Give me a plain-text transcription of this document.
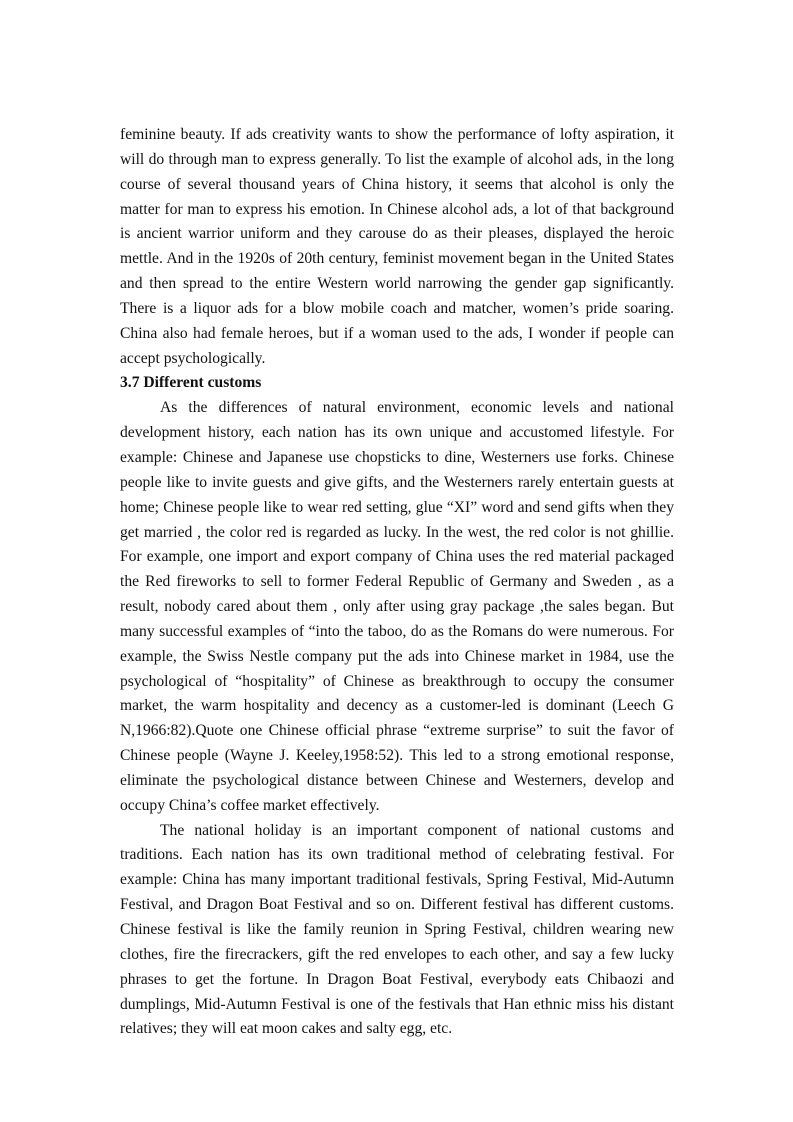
feminine beauty. If ads creativity wants to show the performance of lofty aspiration, it will do through man to express generally. To list the example of alcohol ads, in the long course of several thousand years of China history, it seems that alcohol is only the matter for man to express his emotion. In Chinese alcohol ads, a lot of that background is ancient warrior uniform and they carouse do as their pleases, displayed the heroic mettle. And in the 1920s of 20th century, feminist movement began in the United States and then spread to the entire Western world narrowing the gender gap significantly. There is a liquor ads for a blow mobile coach and matcher, women’s pride soaring. China also had female heroes, but if a woman used to the ads, I wonder if people can accept psychologically.

3.7 Different customs

As the differences of natural environment, economic levels and national development history, each nation has its own unique and accustomed lifestyle. For example: Chinese and Japanese use chopsticks to dine, Westerners use forks. Chinese people like to invite guests and give gifts, and the Westerners rarely entertain guests at home; Chinese people like to wear red setting, glue “XI” word and send gifts when they get married , the color red is regarded as lucky. In the west, the red color is not ghillie. For example, one import and export company of China uses the red material packaged the Red fireworks to sell to former Federal Republic of Germany and Sweden , as a result, nobody cared about them , only after using gray package ,the sales began. But many successful examples of “into the taboo, do as the Romans do were numerous. For example, the Swiss Nestle company put the ads into Chinese market in 1984, use the psychological of “hospitality” of Chinese as breakthrough to occupy the consumer market, the warm hospitality and decency as a customer-led is dominant (Leech G N,1966:82).Quote one Chinese official phrase “extreme surprise” to suit the favor of Chinese people (Wayne J. Keeley,1958:52). This led to a strong emotional response, eliminate the psychological distance between Chinese and Westerners, develop and occupy China’s coffee market effectively.

The national holiday is an important component of national customs and traditions. Each nation has its own traditional method of celebrating festival. For example: China has many important traditional festivals, Spring Festival, Mid-Autumn Festival, and Dragon Boat Festival and so on. Different festival has different customs. Chinese festival is like the family reunion in Spring Festival, children wearing new clothes, fire the firecrackers, gift the red envelopes to each other, and say a few lucky phrases to get the fortune. In Dragon Boat Festival, everybody eats Chibaozi and dumplings, Mid-Autumn Festival is one of the festivals that Han ethnic miss his distant relatives; they will eat moon cakes and salty egg, etc.
